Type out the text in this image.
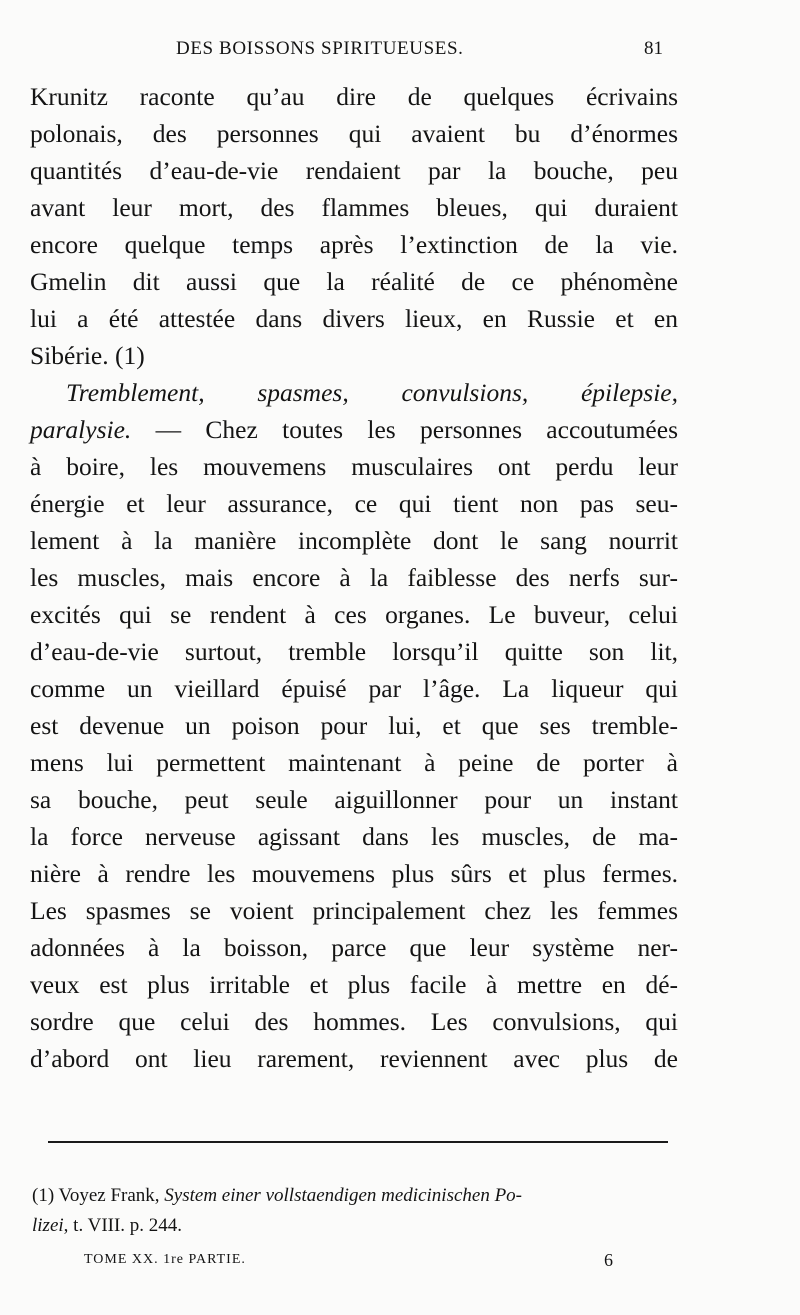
DES BOISSONS SPIRITUEUSES.	81
Krunitz raconte qu’au dire de quelques écrivains
polonais, des personnes qui avaient bu d’énormes
quantités d’eau-de-vie rendaient par la bouche, peu
avant leur mort, des flammes bleues, qui duraient
encore quelque temps après l’extinction de la vie.
Gmelin dit aussi que la réalité de ce phénomène
lui a été attestée dans divers lieux, en Russie et en
Sibérie. (1)
Tremblement, spasmes, convulsions, épilepsie,
paralysie. — Chez toutes les personnes accoutumées
à boire, les mouvemens musculaires ont perdu leur
énergie et leur assurance, ce qui tient non pas seu-
lement à la manière incomplète dont le sang nourrit
les muscles, mais encore à la faiblesse des nerfs sur-
excités qui se rendent à ces organes. Le buveur, celui
d’eau-de-vie surtout, tremble lorsqu’il quitte son lit,
comme un vieillard épuisé par l’âge. La liqueur qui
est devenue un poison pour lui, et que ses tremble-
mens lui permettent maintenant à peine de porter à
sa bouche, peut seule aiguillonner pour un instant
la force nerveuse agissant dans les muscles, de ma-
nière à rendre les mouvemens plus sûrs et plus fermes.
Les spasmes se voient principalement chez les femmes
adonnées à la boisson, parce que leur système ner-
veux est plus irritable et plus facile à mettre en dé-
sordre que celui des hommes. Les convulsions, qui
d’abord ont lieu rarement, reviennent avec plus de
(1) Voyez Frank, System einer vollstaendigen medicinischen Po-
lizei, t. VIII. p. 244.
TOME XX. 1re PARTIE.	6
